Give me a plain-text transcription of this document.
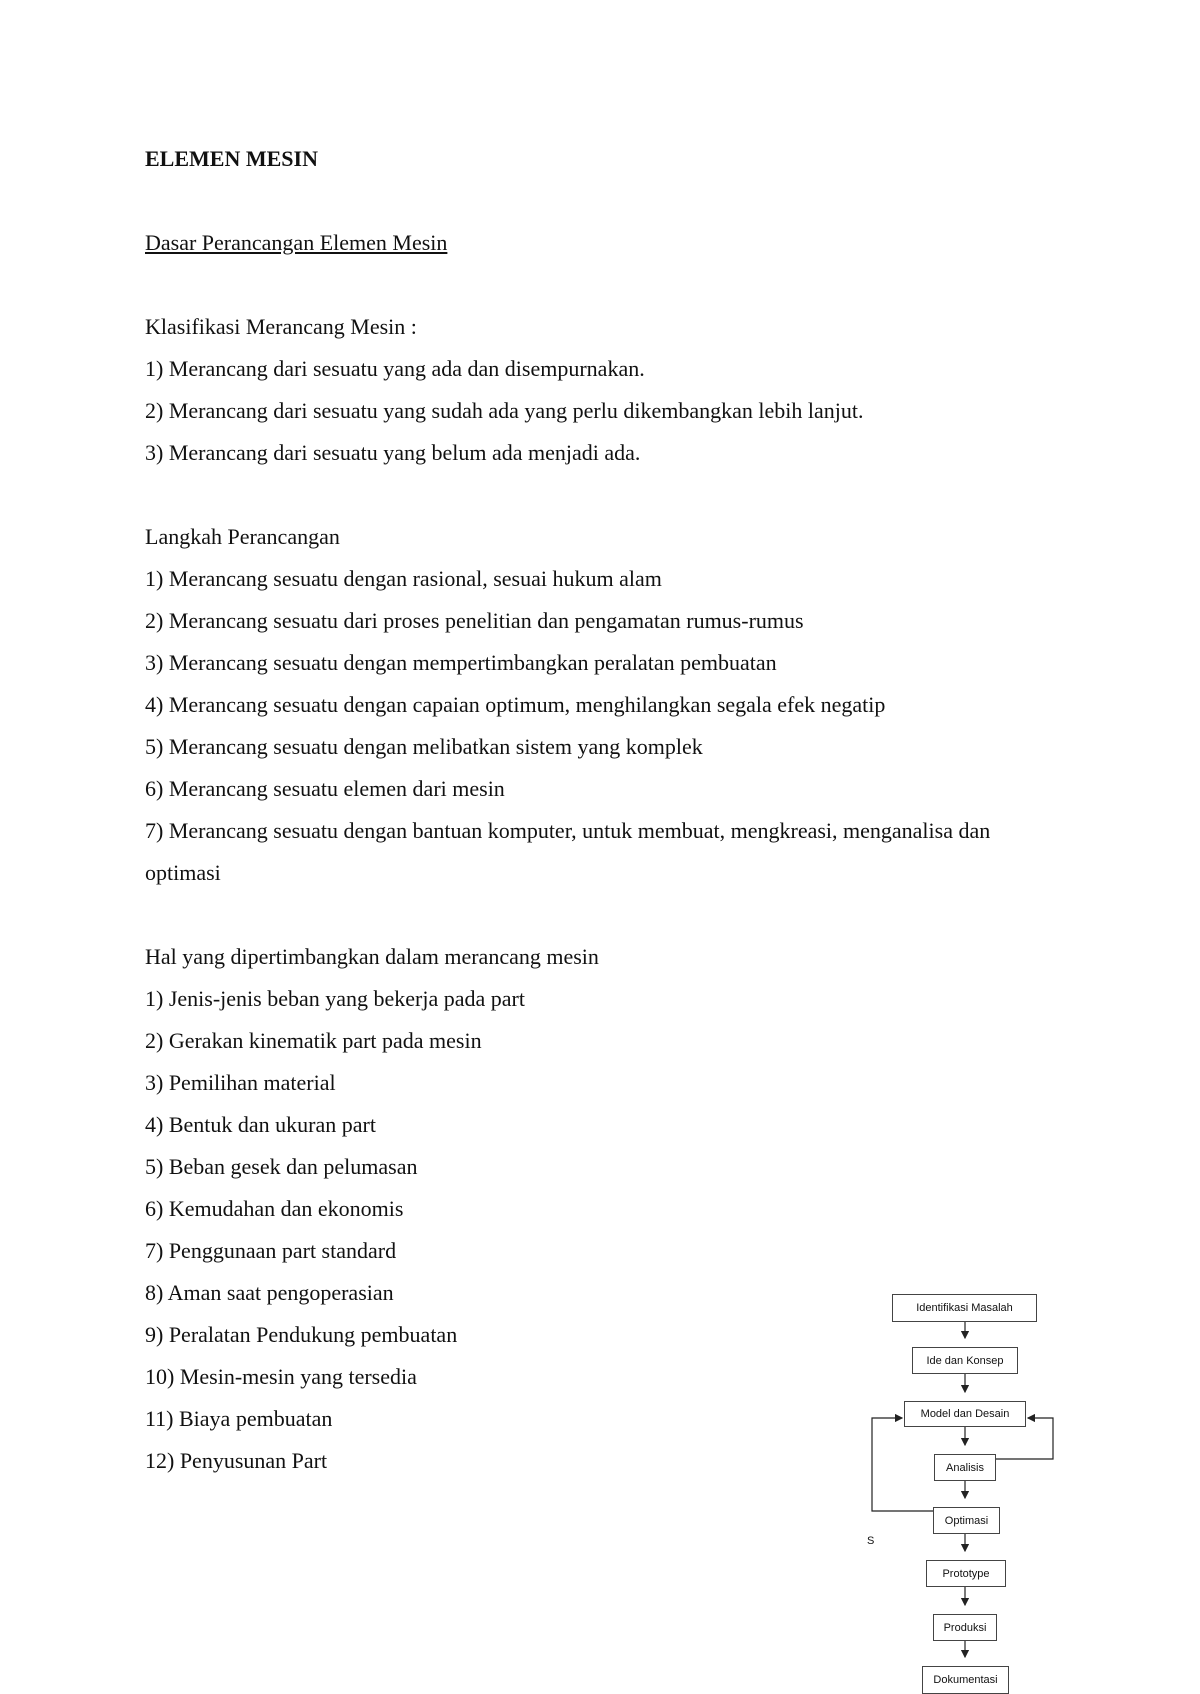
ELEMEN MESIN
Dasar Perancangan Elemen Mesin
Klasifikasi Merancang Mesin :
1) Merancang dari sesuatu yang ada dan disempurnakan.
2) Merancang dari sesuatu yang sudah ada yang perlu dikembangkan lebih lanjut.
3) Merancang dari sesuatu yang belum ada menjadi ada.
Langkah Perancangan
1) Merancang sesuatu dengan rasional, sesuai hukum alam
2) Merancang sesuatu dari proses penelitian dan pengamatan rumus-rumus
3) Merancang sesuatu dengan mempertimbangkan peralatan pembuatan
4) Merancang sesuatu dengan capaian optimum, menghilangkan segala efek negatip
5) Merancang sesuatu dengan melibatkan sistem yang komplek
6) Merancang sesuatu elemen dari mesin
7) Merancang sesuatu dengan bantuan komputer, untuk membuat, mengkreasi, menganalisa dan optimasi
Hal yang dipertimbangkan dalam merancang mesin
1) Jenis-jenis beban yang bekerja pada part
2) Gerakan kinematik part pada mesin
3) Pemilihan material
4) Bentuk dan ukuran part
5) Beban gesek dan pelumasan
6) Kemudahan dan ekonomis
7) Penggunaan part standard
8) Aman saat pengoperasian
9) Peralatan Pendukung pembuatan
10) Mesin-mesin yang tersedia
11) Biaya pembuatan
12) Penyusunan Part
Identifikasi Masalah
Ide dan Konsep
Model dan Desain
Analisis
Optimasi
Prototype
Produksi
Dokumentasi
S
